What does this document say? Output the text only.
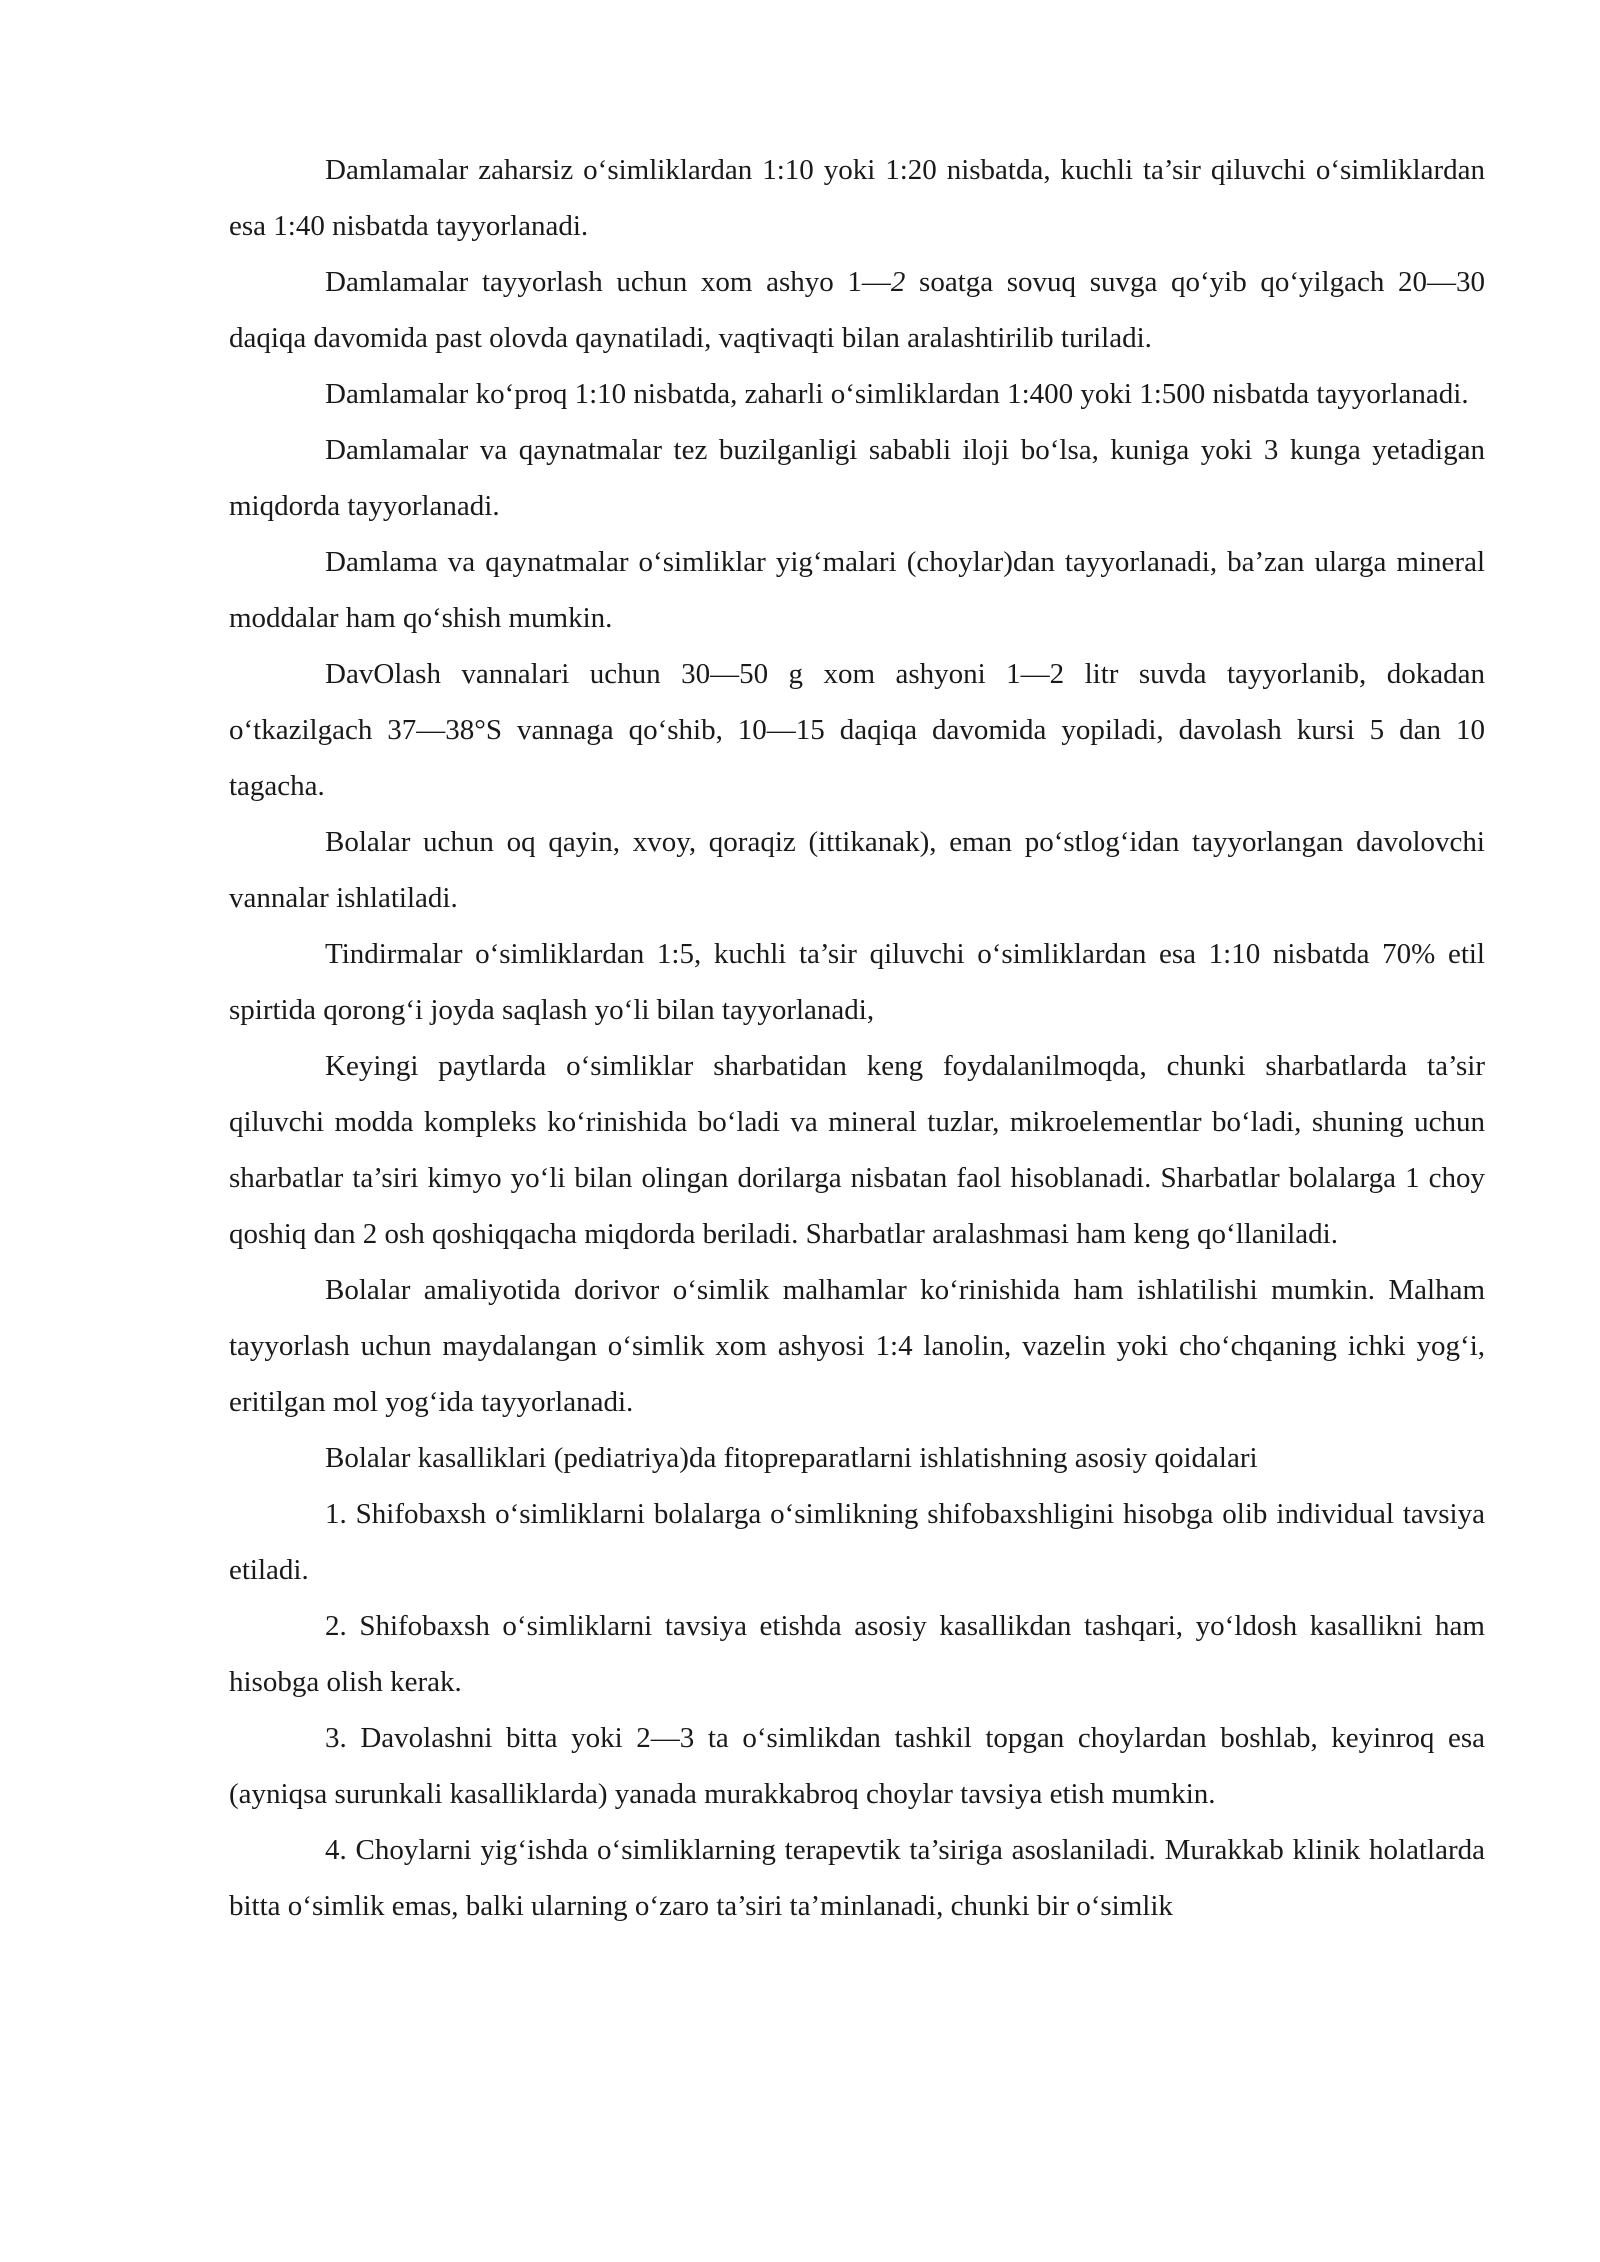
Damlamalar zaharsiz o‘simliklardan 1:10 yoki 1:20 nisbatda, kuchli ta’sir qiluvchi o‘simliklardan esa 1:40 nisbatda tayyorlanadi.

Damlamalar tayyorlash uchun xom ashyo 1—2 soatga sovuq suvga qo‘yib qo‘yilgach 20—30 daqiqa davomida past olovda qaynatiladi, vaqtivaqti bilan aralashtirilib turiladi.

Damlamalar ko‘proq 1:10 nisbatda, zaharli o‘simliklardan 1:400 yoki 1:500 nisbatda tayyorlanadi.

Damlamalar va qaynatmalar tez buzilganligi sababli iloji bo‘lsa, kuniga yoki 3 kunga yetadigan miqdorda tayyorlanadi.

Damlama va qaynatmalar o‘simliklar yig‘malari (choylar)dan tayyorlanadi, ba’zan ularga mineral moddalar ham qo‘shish mumkin.

DavOlash vannalari uchun 30—50 g xom ashyoni 1—2 litr suvda tayyorlanib, dokadan o‘tkazilgach 37—38°S vannaga qo‘shib, 10—15 daqiqa davomida yopiladi, davolash kursi 5 dan 10 tagacha.

Bolalar uchun oq qayin, xvoy, qoraqiz (ittikanak), eman po‘stlog‘idan tayyorlangan davolovchi vannalar ishlatiladi.

Tindirmalar o‘simliklardan 1:5, kuchli ta’sir qiluvchi o‘simliklardan esa 1:10 nisbatda 70% etil spirtida qorong‘i joyda saqlash yo‘li bilan tayyorlanadi,

Keyingi paytlarda o‘simliklar sharbatidan keng foydalanilmoqda, chunki sharbatlarda ta’sir qiluvchi modda kompleks ko‘rinishida bo‘ladi va mineral tuzlar, mikroelementlar bo‘ladi, shuning uchun sharbatlar ta’siri kimyo yo‘li bilan olingan dorilarga nisbatan faol hisoblanadi. Sharbatlar bolalarga 1 choy qoshiq dan 2 osh qoshiqqacha miqdorda beriladi. Sharbatlar aralashmasi ham keng qo‘llaniladi.

Bolalar amaliyotida dorivor o‘simlik malhamlar ko‘rinishida ham ishlatilishi mumkin. Malham tayyorlash uchun maydalangan o‘simlik xom ashyosi 1:4 lanolin, vazelin yoki cho‘chqaning ichki yog‘i, eritilgan mol yog‘ida tayyorlanadi.

Bolalar kasalliklari (pediatriya)da fitopreparatlarni ishlatishning asosiy qoidalari

1. Shifobaxsh o‘simliklarni bolalarga o‘simlikning shifobaxshligini hisobga olib individual tavsiya etiladi.

2. Shifobaxsh o‘simliklarni tavsiya etishda asosiy kasallikdan tashqari, yo‘ldosh kasallikni ham hisobga olish kerak.

3. Davolashni bitta yoki 2—3 ta o‘simlikdan tashkil topgan choylardan boshlab, keyinroq esa (ayniqsa surunkali kasalliklarda) yanada murakkabroq choylar tavsiya etish mumkin.

4. Choylarni yig‘ishda o‘simliklarning terapevtik ta’siriga asoslaniladi. Murakkab klinik holatlarda bitta o‘simlik emas, balki ularning o‘zaro ta’siri ta’minlanadi, chunki bir o‘simlik
